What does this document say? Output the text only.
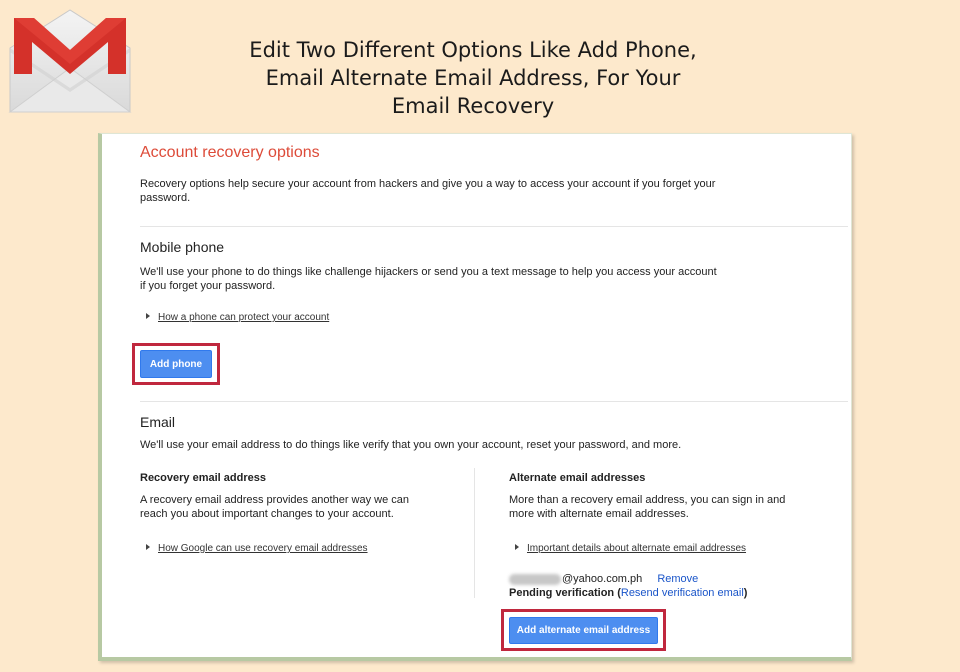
Edit Two Different Options Like Add Phone,
Email Alternate Email Address, For Your
Email Recovery
Account recovery options
Recovery options help secure your account from hackers and give you a way to access your account if you forget your
password.
Mobile phone
We'll use your phone to do things like challenge hijackers or send you a text message to help you access your account
if you forget your password.
How a phone can protect your account
Add phone
Email
We'll use your email address to do things like verify that you own your account, reset your password, and more.
Recovery email address
A recovery email address provides another way we can
reach you about important changes to your account.
How Google can use recovery email addresses
Alternate email addresses
More than a recovery email address, you can sign in and
more with alternate email addresses.
Important details about alternate email addresses
@yahoo.com.ph Remove
Pending verification (Resend verification email)
Add alternate email address
